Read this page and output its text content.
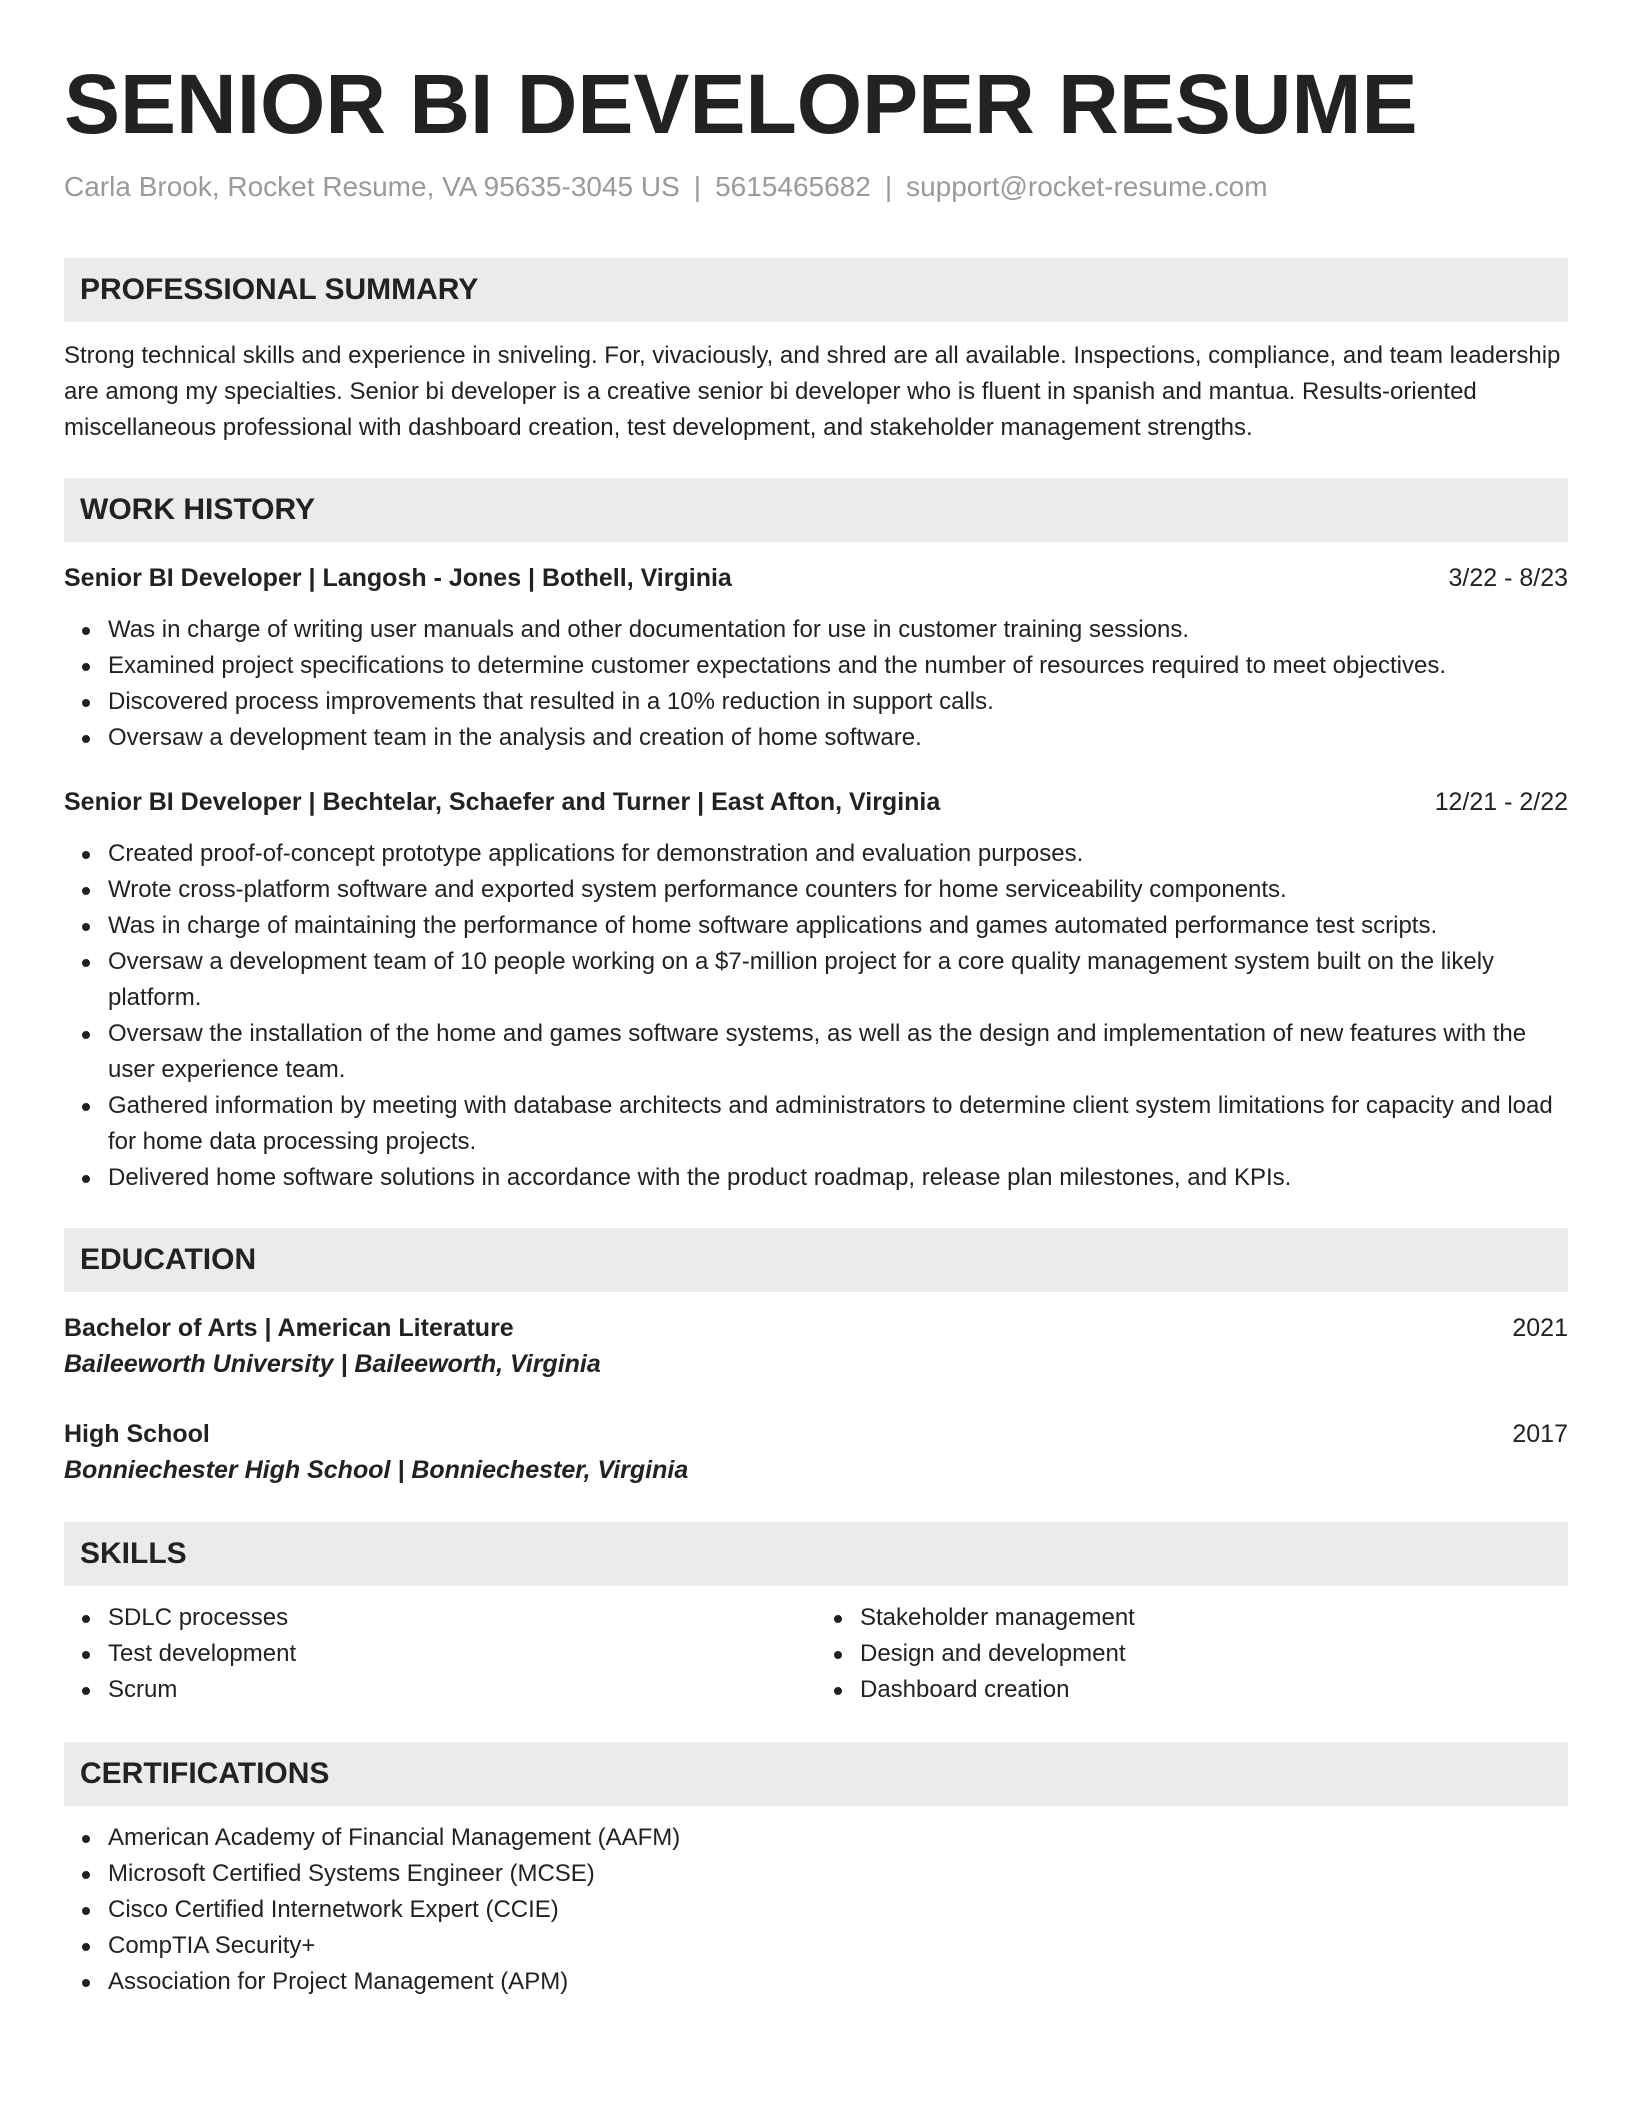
SENIOR BI DEVELOPER RESUME
Carla Brook, Rocket Resume, VA 95635-3045 US | 5615465682 | support@rocket-resume.com
PROFESSIONAL SUMMARY

Strong technical skills and experience in sniveling. For, vivaciously, and shred are all available. Inspections, compliance, and team leadership are among my specialties. Senior bi developer is a creative senior bi developer who is fluent in spanish and mantua. Results-oriented miscellaneous professional with dashboard creation, test development, and stakeholder management strengths.

WORK HISTORY
Senior BI Developer | Langosh - Jones | Bothell, Virginia	3/22 - 8/23
Was in charge of writing user manuals and other documentation for use in customer training sessions.
Examined project specifications to determine customer expectations and the number of resources required to meet objectives.
Discovered process improvements that resulted in a 10% reduction in support calls.
Oversaw a development team in the analysis and creation of home software.
Senior BI Developer | Bechtelar, Schaefer and Turner | East Afton, Virginia	12/21 - 2/22
Created proof-of-concept prototype applications for demonstration and evaluation purposes.
Wrote cross-platform software and exported system performance counters for home serviceability components.
Was in charge of maintaining the performance of home software applications and games automated performance test scripts.
Oversaw a development team of 10 people working on a $7-million project for a core quality management system built on the likely platform.
Oversaw the installation of the home and games software systems, as well as the design and implementation of new features with the user experience team.
Gathered information by meeting with database architects and administrators to determine client system limitations for capacity and load for home data processing projects.
Delivered home software solutions in accordance with the product roadmap, release plan milestones, and KPIs.
EDUCATION
Bachelor of Arts | American Literature	2021
Baileeworth University | Baileeworth, Virginia
High School	2017
Bonniechester High School | Bonniechester, Virginia
SKILLS
SDLC processes
Test development
Scrum
Stakeholder management
Design and development
Dashboard creation
CERTIFICATIONS
American Academy of Financial Management (AAFM)
Microsoft Certified Systems Engineer (MCSE)
Cisco Certified Internetwork Expert (CCIE)
CompTIA Security+
Association for Project Management (APM)
